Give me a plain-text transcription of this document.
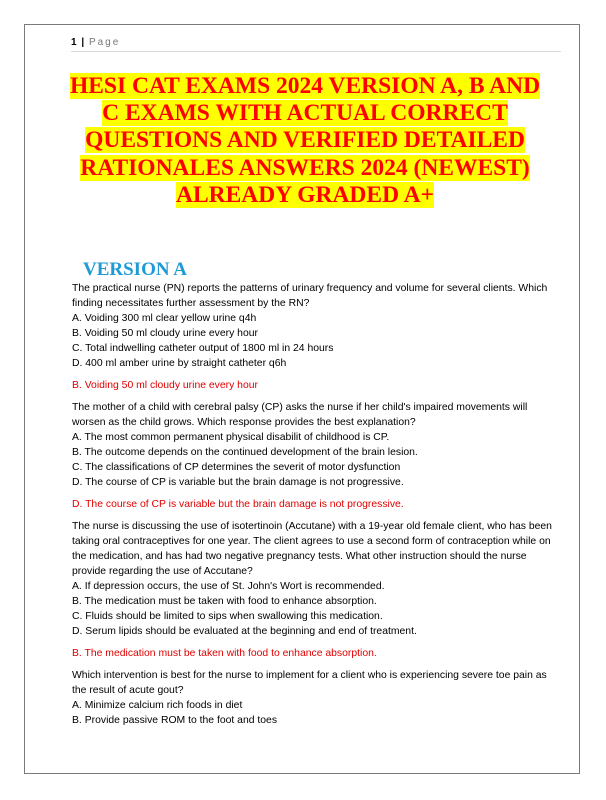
1 | Page
HESI CAT EXAMS 2024 VERSION A, B AND C EXAMS WITH ACTUAL CORRECT QUESTIONS AND VERIFIED DETAILED RATIONALES ANSWERS 2024 (NEWEST) ALREADY GRADED A+
VERSION A

The practical nurse (PN) reports the patterns of urinary frequency and volume for several clients. Which finding necessitates further assessment by the RN?

A. Voiding 300 ml clear yellow urine q4h

B. Voiding 50 ml cloudy urine every hour

C. Total indwelling catheter output of 1800 ml in 24 hours

D. 400 ml amber urine by straight catheter q6h

B. Voiding 50 ml cloudy urine every hour

The mother of a child with cerebral palsy (CP) asks the nurse if her child's impaired movements will worsen as the child grows. Which response provides the best explanation?

A. The most common permanent physical disabilit of childhood is CP.

B. The outcome depends on the continued development of the brain lesion.

C. The classifications of CP determines the severit of motor dysfunction

D. The course of CP is variable but the brain damage is not progressive.

D. The course of CP is variable but the brain damage is not progressive.

The nurse is discussing the use of isotertinoin (Accutane) with a 19-year old female client, who has been taking oral contraceptives for one year. The client agrees to use a second form of contraception while on the medication, and has had two negative pregnancy tests. What other instruction should the nurse provide regarding the use of Accutane?

A. If depression occurs, the use of St. John's Wort is recommended.

B. The medication must be taken with food to enhance absorption.

C. Fluids should be limited to sips when swallowing this medication.

D. Serum lipids should be evaluated at the beginning and end of treatment.

B. The medication must be taken with food to enhance absorption.

Which intervention is best for the nurse to implement for a client who is experiencing severe toe pain as the result of acute gout?

A. Minimize calcium rich foods in diet

B. Provide passive ROM to the foot and toes
